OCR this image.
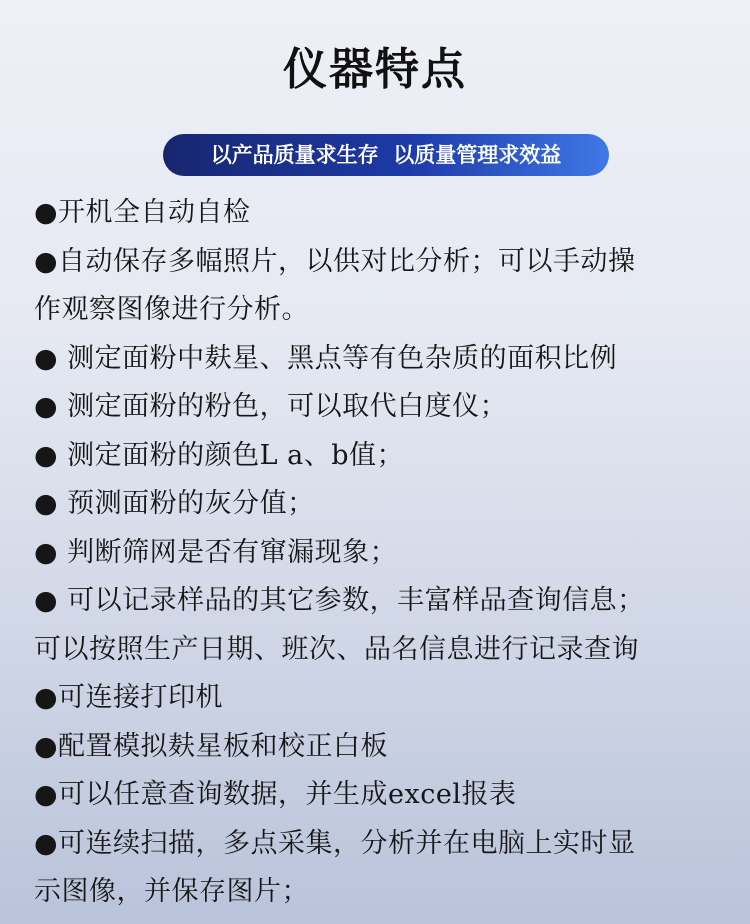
仪器特点
以产品质量求生存  以质量管理求效益
●开机全自动自检
●自动保存多幅照片，以供对比分析；可以手动操
作观察图像进行分析。
● 测定面粉中麸星、黑点等有色杂质的面积比例
● 测定面粉的粉色，可以取代白度仪；
● 测定面粉的颜色L a、b值；
● 预测面粉的灰分值；
● 判断筛网是否有窜漏现象；
● 可以记录样品的其它参数，丰富样品查询信息；
可以按照生产日期、班次、品名信息进行记录查询
●可连接打印机
●配置模拟麸星板和校正白板
●可以任意查询数据，并生成excel报表
●可连续扫描，多点采集，分析并在电脑上实时显
示图像，并保存图片；
